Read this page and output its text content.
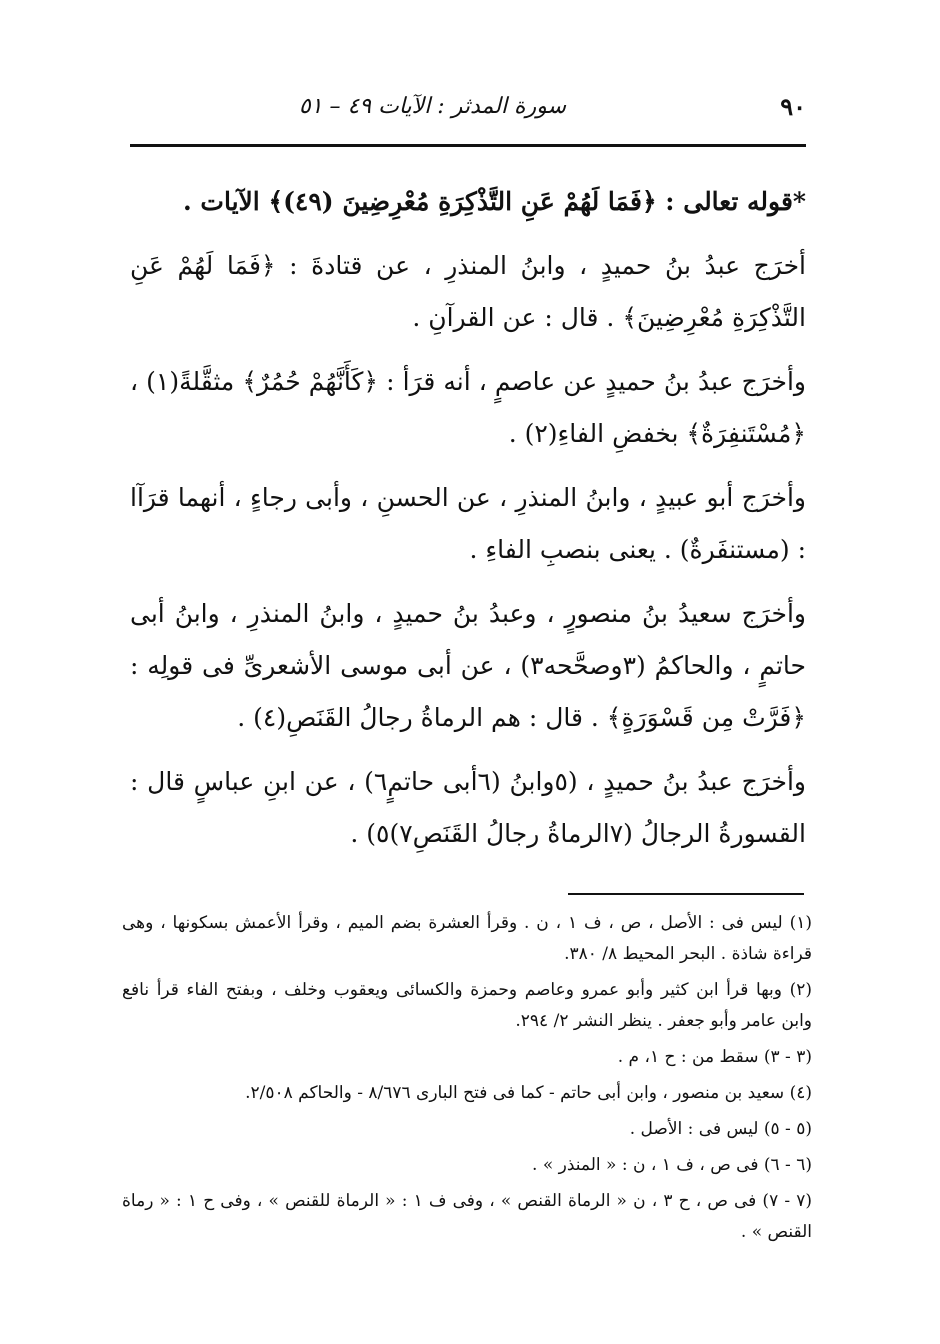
٩٠
سورة المدثر : الآيات ٤٩ – ٥١

*قوله تعالى : ﴿فَمَا لَهُمْ عَنِ التَّذْكِرَةِ مُعْرِضِينَ (٤٩)﴾ الآيات .

أخرَج عبدُ بنُ حميدٍ ، وابنُ المنذرِ ، عن قتادةَ : ﴿فَمَا لَهُمْ عَنِ التَّذْكِرَةِ مُعْرِضِينَ﴾ . قال : عن القرآنِ .

وأخرَج عبدُ بنُ حميدٍ عن عاصمٍ ، أنه قرَأ : ﴿كَأَنَّهُمْ حُمُرٌ﴾ مثقَّلةً(١) ، ﴿مُسْتَنفِرَةٌ﴾ بخفضِ الفاءِ(٢) .

وأخرَج أبو عبيدٍ ، وابنُ المنذرِ ، عن الحسنِ ، وأبى رجاءٍ ، أنهما قرَآا : (مستنفَرةٌ) . يعنى بنصبِ الفاءِ .

وأخرَج سعيدُ بنُ منصورٍ ، وعبدُ بنُ حميدٍ ، وابنُ المنذرِ ، وابنُ أبى حاتمٍ ، والحاكمُ (٣وصحَّحه٣) ، عن أبى موسى الأشعرىِّ فى قولِه : ﴿فَرَّتْ مِن قَسْوَرَةٍ﴾ . قال : هم الرماةُ رجالُ القَنَصِ(٤) .

وأخرَج عبدُ بنُ حميدٍ ، (٥وابنُ (٦أبى حاتمٍ٦) ، عن ابنِ عباسٍ قال : القسورةُ الرجالُ (٧الرماةُ رجالُ القَنَصِ٧)٥) .

(١) ليس فى : الأصل ، ص ، ف ١ ، ن . وقرأ العشرة بضم الميم ، وقرأ الأعمش بسكونها ، وهى قراءة شاذة . البحر المحيط ٨/ ٣٨٠.
(٢) وبها قرأ ابن كثير وأبو عمرو وعاصم وحمزة والكسائى ويعقوب وخلف ، وبفتح الفاء قرأ نافع وابن عامر وأبو جعفر . ينظر النشر ٢/ ٢٩٤.
(٣ - ٣) سقط من : ح ١، م .
(٤) سعيد بن منصور ، وابن أبى حاتم - كما فى فتح البارى ٨/٦٧٦ - والحاكم ٢/٥٠٨.
(٥ - ٥) ليس فى : الأصل .
(٦ - ٦) فى ص ، ف ١ ، ن : « المنذر » .
(٧ - ٧) فى ص ، ح ٣ ، ن « الرماة القنص » ، وفى ف ١ : « الرماة للقنص » ، وفى ح ١ : « رماة القنص » .
